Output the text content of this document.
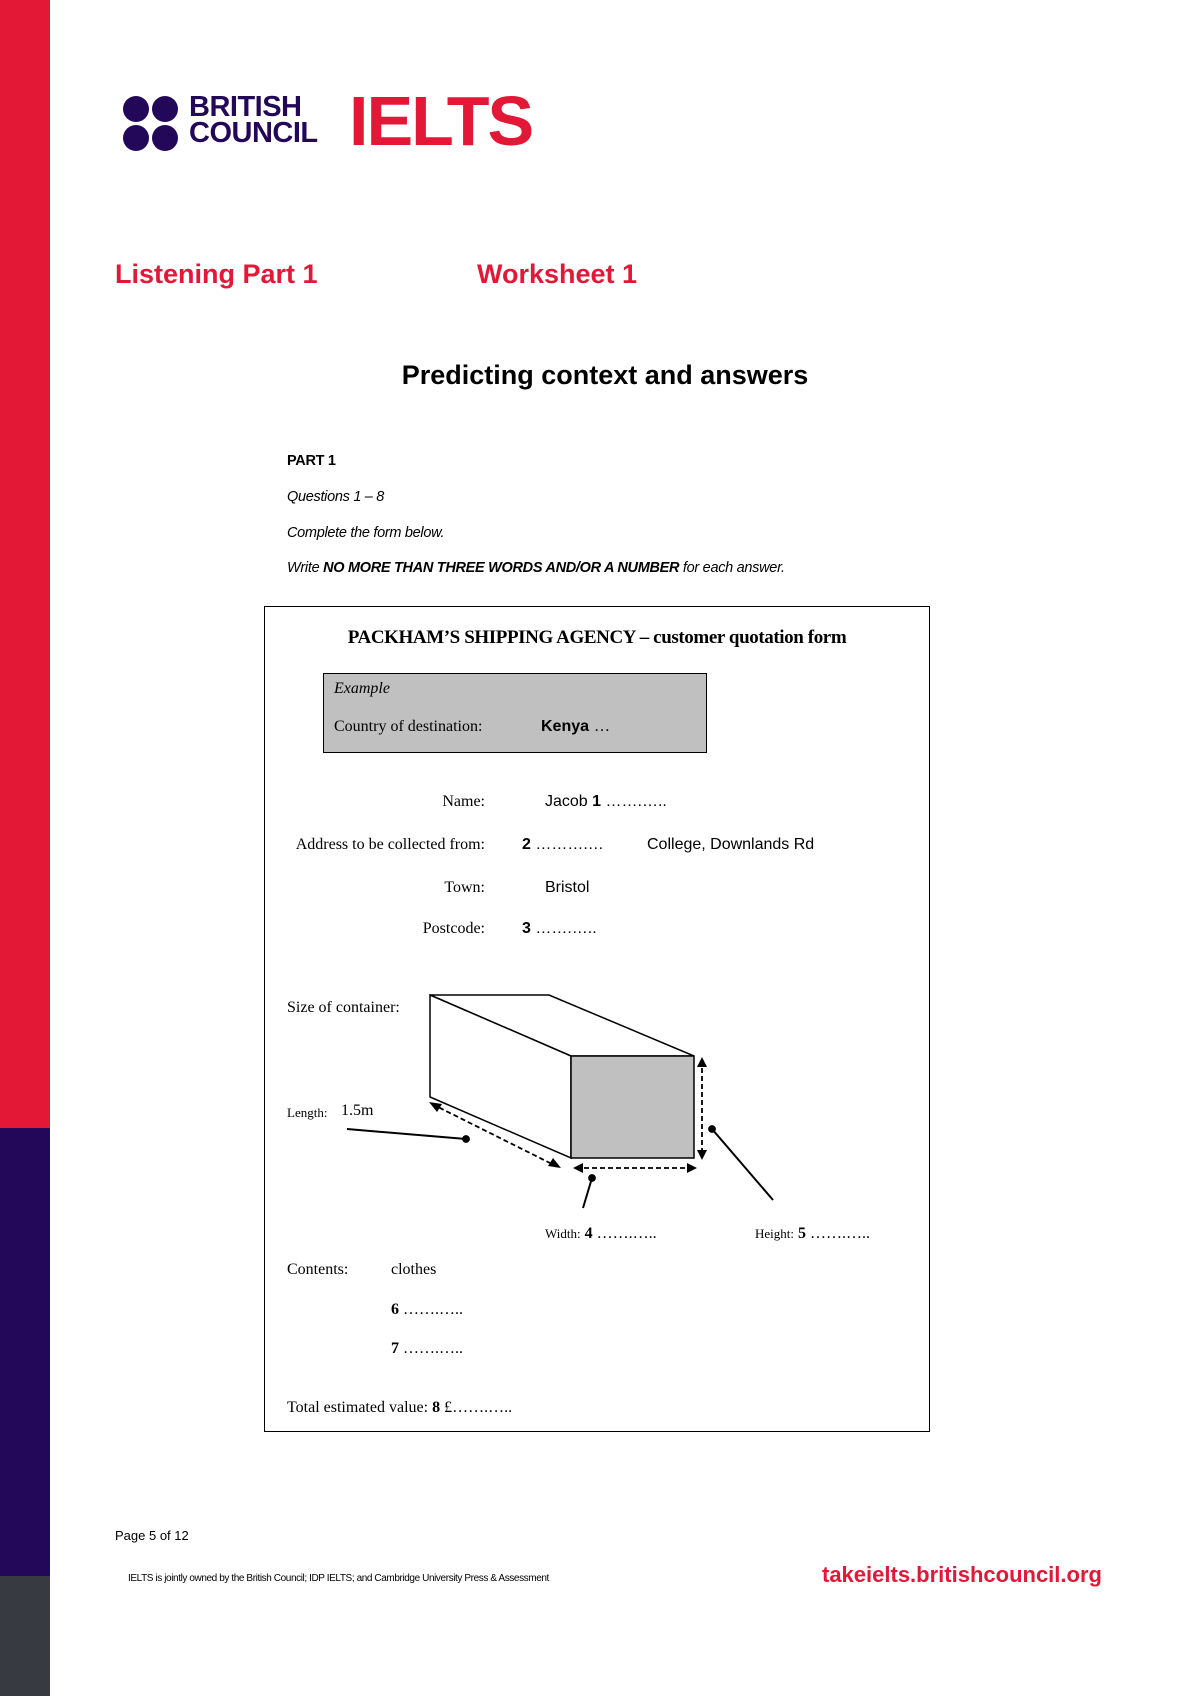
BRITISH
COUNCIL IELTS
Listening Part 1	Worksheet 1
Predicting context and answers
PART 1
Questions 1 – 8
Complete the form below.
Write NO MORE THAN THREE WORDS AND/OR A NUMBER for each answer.
PACKHAM’S SHIPPING AGENCY – customer quotation form
Example
Country of destination:	Kenya …
Name:	Jacob 1 …….…..
Address to be collected from: 2 ……….…	College, Downlands Rd
Town:	Bristol
Postcode: 3 …….…..
Size of container:
Length: 1.5m
Width: 4 …….…..	Height: 5 …….…..
Contents:	clothes
6 …….…..
7 …….…..
Total estimated value: 8 £…….…..
Page 5 of 12
IELTS is jointly owned by the British Council; IDP IELTS; and Cambridge University Press & Assessment	takeielts.britishcouncil.org
